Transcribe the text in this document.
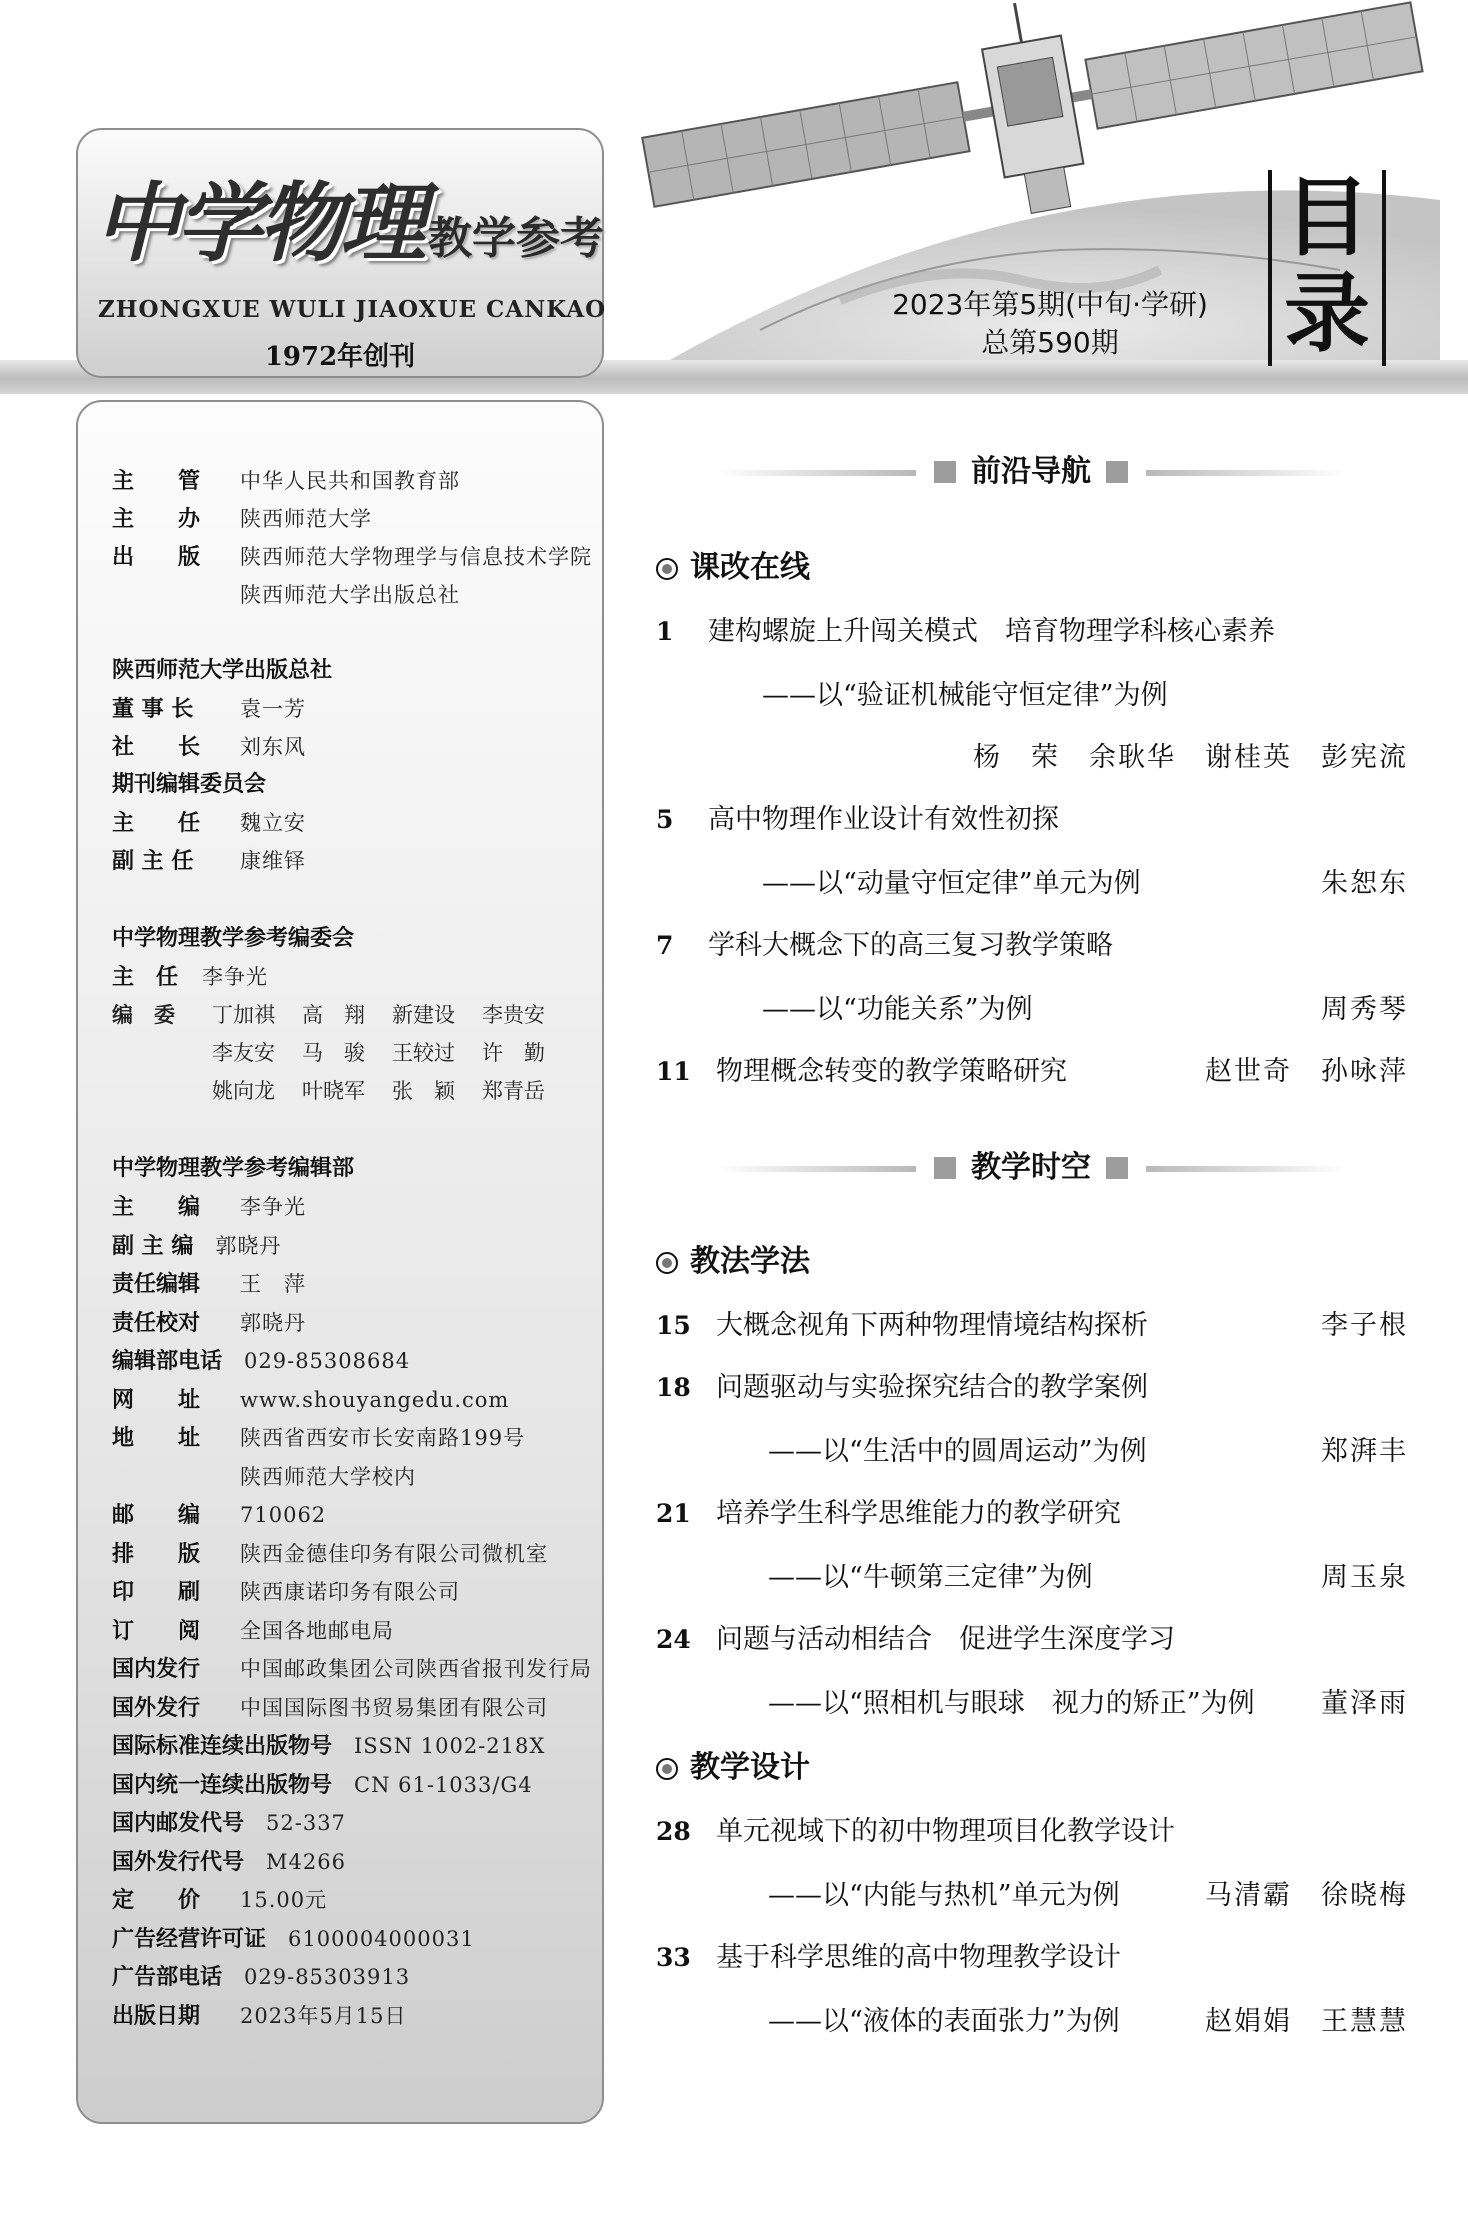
中学物理 教学参考
ZHONGXUE WULI JIAOXUE CANKAO
1972年创刊
2023年第5期(中旬·学研)
总第590期
目
录
主　　管 中华人民共和国教育部
主　　办 陕西师范大学
出　　版 陕西师范大学物理学与信息技术学院
陕西师范大学出版总社
陕西师范大学出版总社
董 事 长 袁一芳
社　　长 刘东风
期刊编辑委员会
主　　任 魏立安
副 主 任 康维铎
中学物理教学参考编委会
主　任 李争光
编　委 丁加祺 高　翔 新建设 李贵安
李友安 马　骏 王较过 许　勤
姚向龙 叶晓军 张　颖 郑青岳
中学物理教学参考编辑部
主　　编 李争光
副 主 编 郭晓丹
责任编辑 王　萍
责任校对 郭晓丹
编辑部电话 029-85308684
网　　址 www.shouyangedu.com
地　　址 陕西省西安市长安南路199号
陕西师范大学校内
邮　　编 710062
排　　版 陕西金德佳印务有限公司微机室
印　　刷 陕西康诺印务有限公司
订　　阅 全国各地邮电局
国内发行 中国邮政集团公司陕西省报刊发行局
国外发行 中国国际图书贸易集团有限公司
国际标准连续出版物号 ISSN 1002-218X
国内统一连续出版物号 CN 61-1033/G4
国内邮发代号 52-337
国外发行代号 M4266
定　　价 15.00元
广告经营许可证 6100004000031
广告部电话 029-85303913
出版日期 2023年5月15日
前沿导航
课改在线
1 建构螺旋上升闯关模式　培育物理学科核心素养
——以“验证机械能守恒定律”为例
杨　荣　余耿华　谢桂英　彭宪流
5 高中物理作业设计有效性初探
——以“动量守恒定律”单元为例	朱恕东
7 学科大概念下的高三复习教学策略
——以“功能关系”为例	周秀琴
11 物理概念转变的教学策略研究	赵世奇　孙咏萍
教学时空
教法学法
15 大概念视角下两种物理情境结构探析	李子根
18 问题驱动与实验探究结合的教学案例
——以“生活中的圆周运动”为例	郑湃丰
21 培养学生科学思维能力的教学研究
——以“牛顿第三定律”为例	周玉泉
24 问题与活动相结合　促进学生深度学习
——以“照相机与眼球　视力的矫正”为例 董泽雨
教学设计
28 单元视域下的初中物理项目化教学设计
——以“内能与热机”单元为例	马清霸　徐晓梅
33 基于科学思维的高中物理教学设计
——以“液体的表面张力”为例	赵娟娟　王慧慧
